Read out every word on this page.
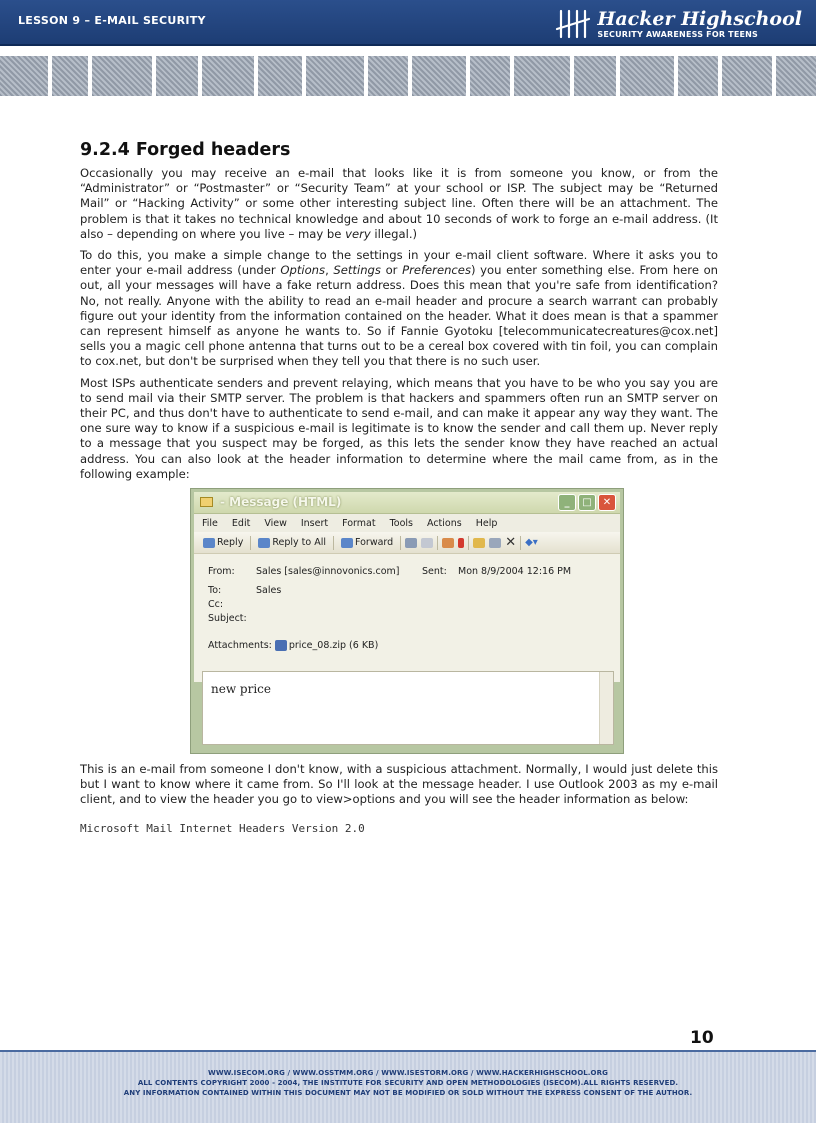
LESSON 9 – E-MAIL SECURITY	Hacker Highschool
SECURITY AWARENESS FOR TEENS
9.2.4 Forged headers

Occasionally you may receive an e-mail that looks like it is from someone you know, or from the “Administrator” or “Postmaster” or “Security Team” at your school or ISP. The subject may be “Returned Mail” or “Hacking Activity” or some other interesting subject line. Often there will be an attachment. The problem is that it takes no technical knowledge and about 10 seconds of work to forge an e-mail address. (It also – depending on where you live – may be very illegal.)

To do this, you make a simple change to the settings in your e-mail client software. Where it asks you to enter your e-mail address (under Options, Settings or Preferences) you enter something else. From here on out, all your messages will have a fake return address. Does this mean that you're safe from identification? No, not really. Anyone with the ability to read an e-mail header and procure a search warrant can probably figure out your identity from the information contained on the header. What it does mean is that a spammer can represent himself as anyone he wants to. So if Fannie Gyotoku [telecommunicatecreatures@cox.net] sells you a magic cell phone antenna that turns out to be a cereal box covered with tin foil, you can complain to cox.net, but don't be surprised when they tell you that there is no such user.

Most ISPs authenticate senders and prevent relaying, which means that you have to be who you say you are to send mail via their SMTP server. The problem is that hackers and spammers often run an SMTP server on their PC, and thus don't have to authenticate to send e-mail, and can make it appear any way they want. The one sure way to know if a suspicious e-mail is legitimate is to know the sender and call them up. Never reply to a message that you suspect may be forged, as this lets the sender know they have reached an actual address. You can also look at the header information to determine where the mail came from, as in the following example:

- Message (HTML)	_	□	✕
File Edit View Insert Format Tools Actions Help
Reply	Reply to All	Forward	✕ ◆▾
From: Sales [sales@innovonics.com] Sent: Mon 8/9/2004 12:16 PM
To:	Sales
Cc:
Subject:
Attachments: price_08.zip (6 KB)
new price

This is an e-mail from someone I don't know, with a suspicious attachment. Normally, I would just delete this but I want to know where it came from. So I'll look at the message header. I use Outlook 2003 as my e-mail client, and to view the header you go to view>options and you will see the header information as below:

Microsoft Mail Internet Headers Version 2.0
10
WWW.ISECOM.ORG / WWW.OSSTMM.ORG / WWW.ISESTORM.ORG / WWW.HACKERHIGHSCHOOL.ORG
ALL CONTENTS COPYRIGHT 2000 - 2004, THE INSTITUTE FOR SECURITY AND OPEN METHODOLOGIES (ISECOM).ALL RIGHTS RESERVED.
ANY INFORMATION CONTAINED WITHIN THIS DOCUMENT MAY NOT BE MODIFIED OR SOLD WITHOUT THE EXPRESS CONSENT OF THE AUTHOR.
